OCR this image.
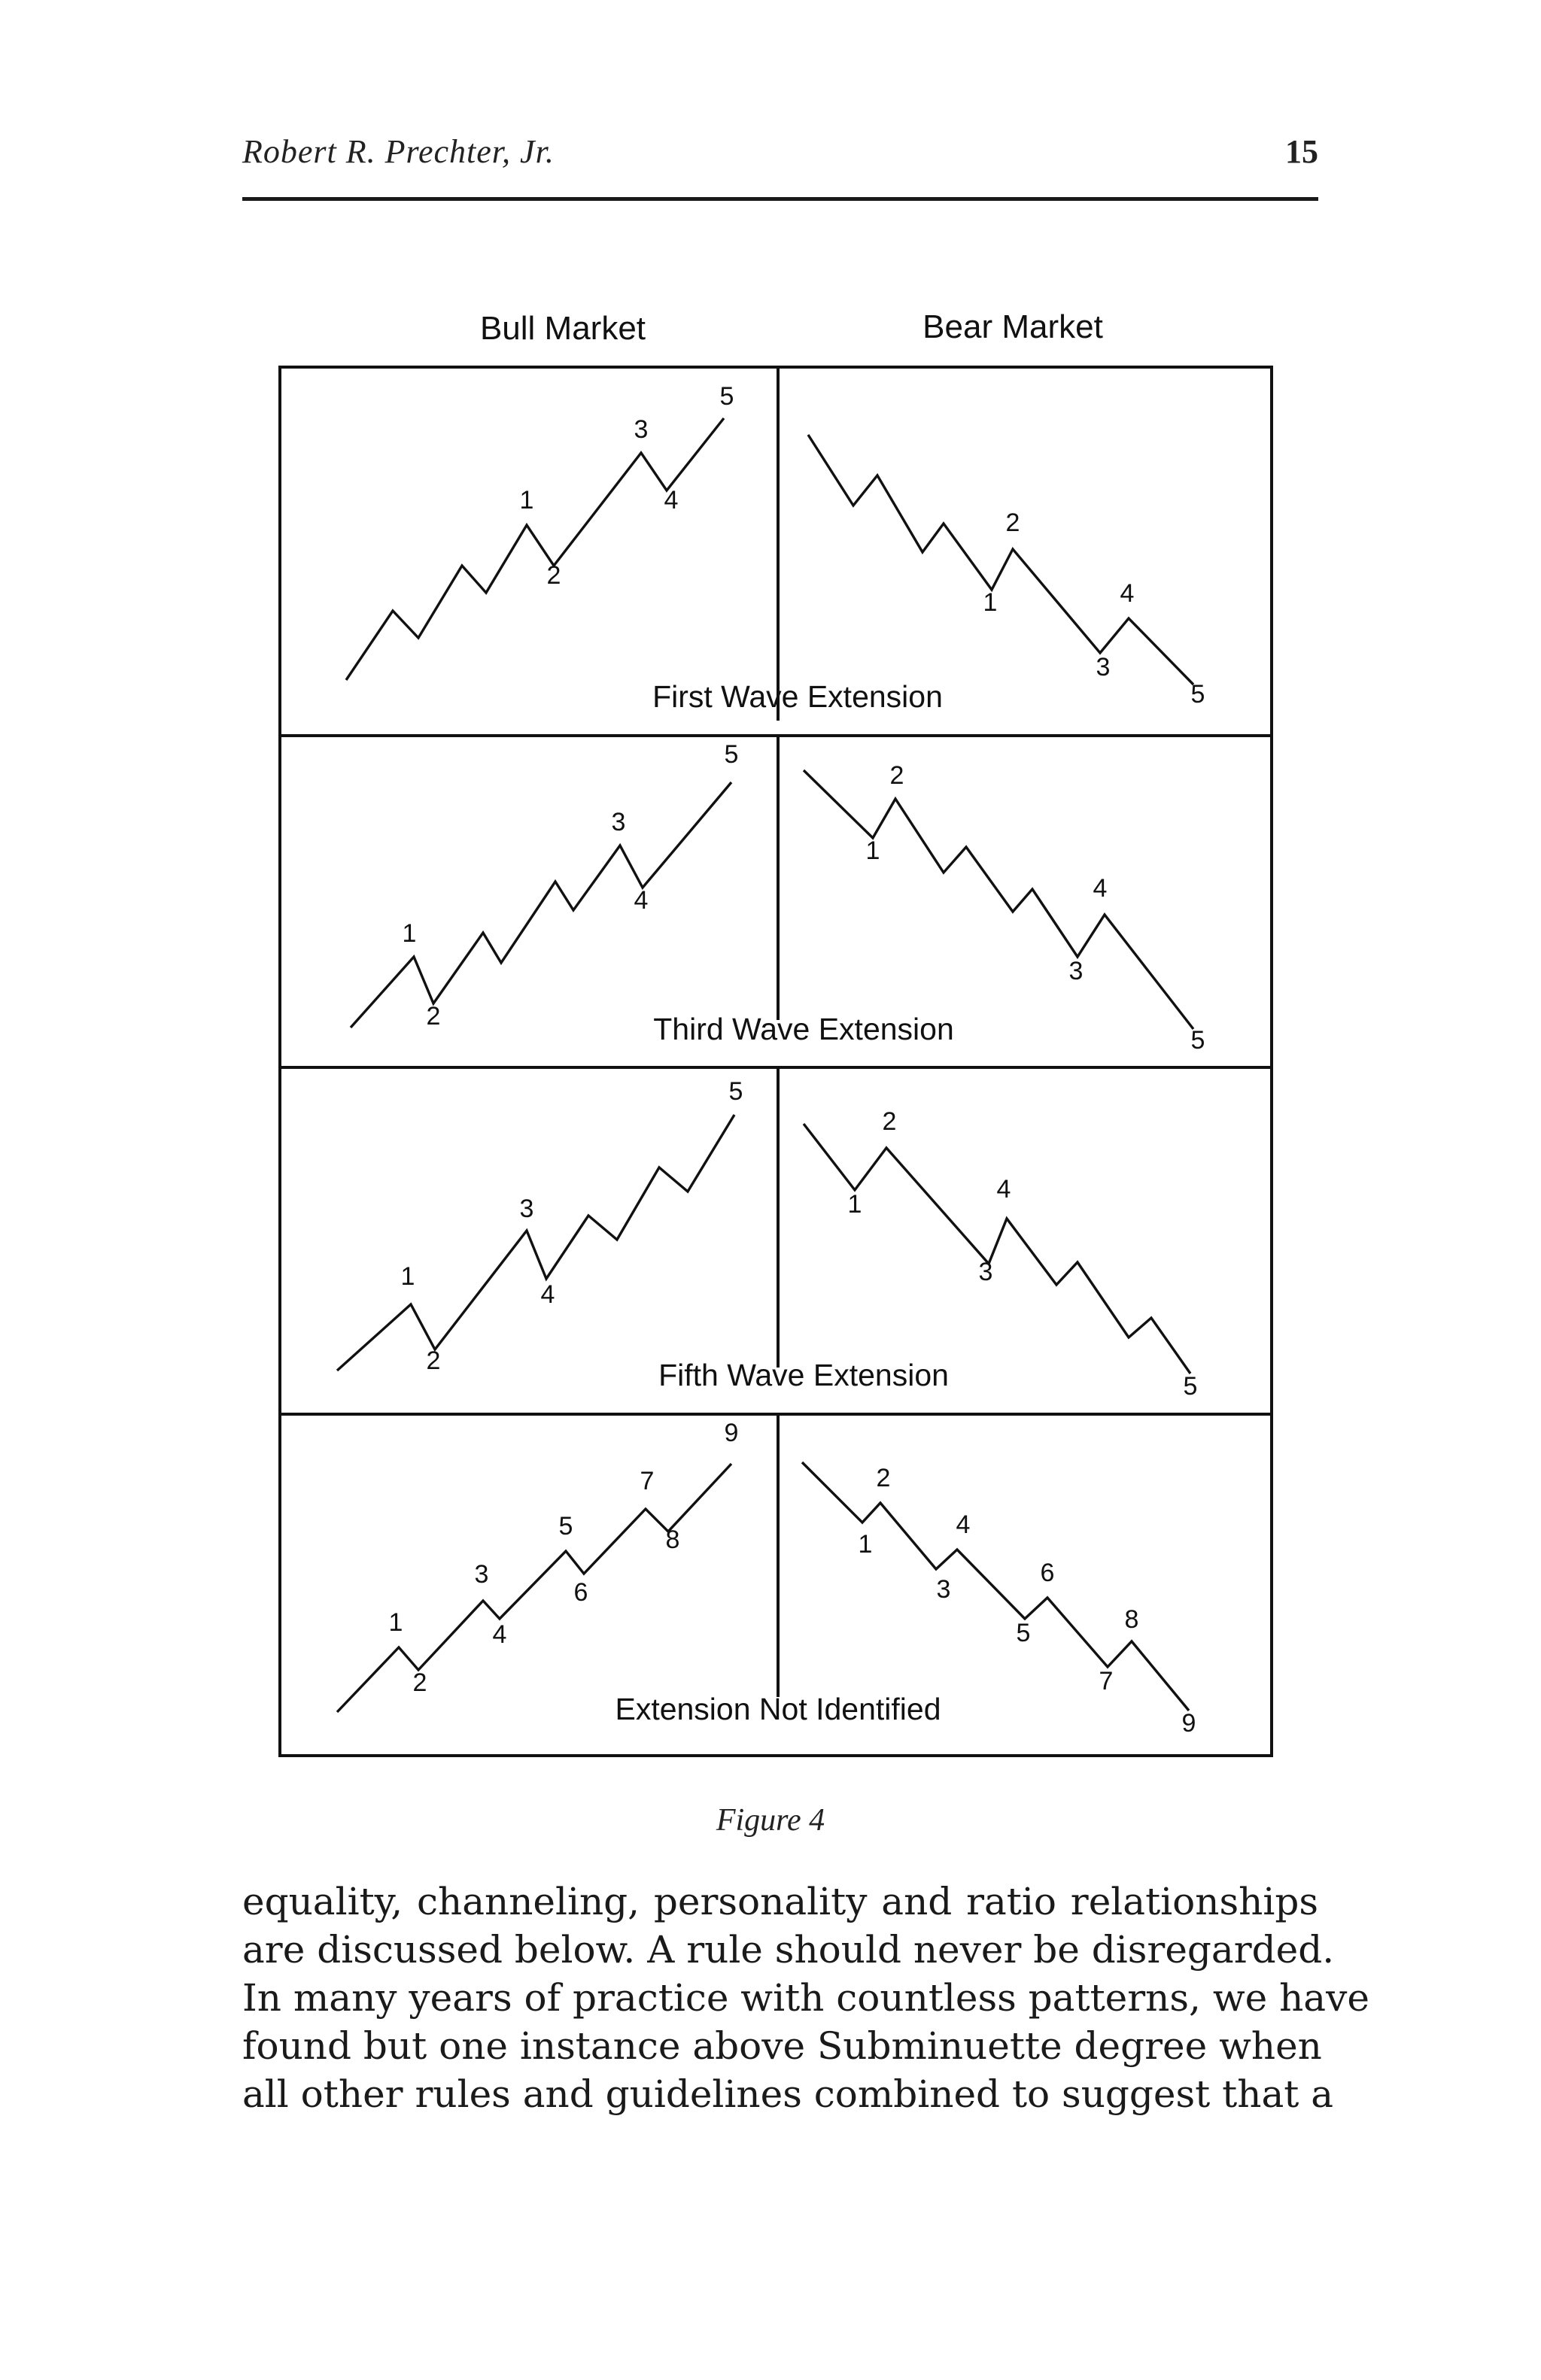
Robert R. Prechter, Jr.	15
Bull Market	Bear Market
1
2
3
4
5
1
2
3
4
5
1
2
3
4
5
1
2
3
4
5
1
2
3
4
5
1
2
3
4
5
1
2
3
4
5
6
7
8
9
1
2
3
4
5
6
7
8
9
First Wave Extension
Third Wave Extension
Fifth Wave Extension
Extension Not Identified
Figure 4
equality, channeling, personality and ratio relationships
are discussed below. A rule should never be disregarded.
In many years of practice with countless patterns, we have
found but one instance above Subminuette degree when
all other rules and guidelines combined to suggest that a
